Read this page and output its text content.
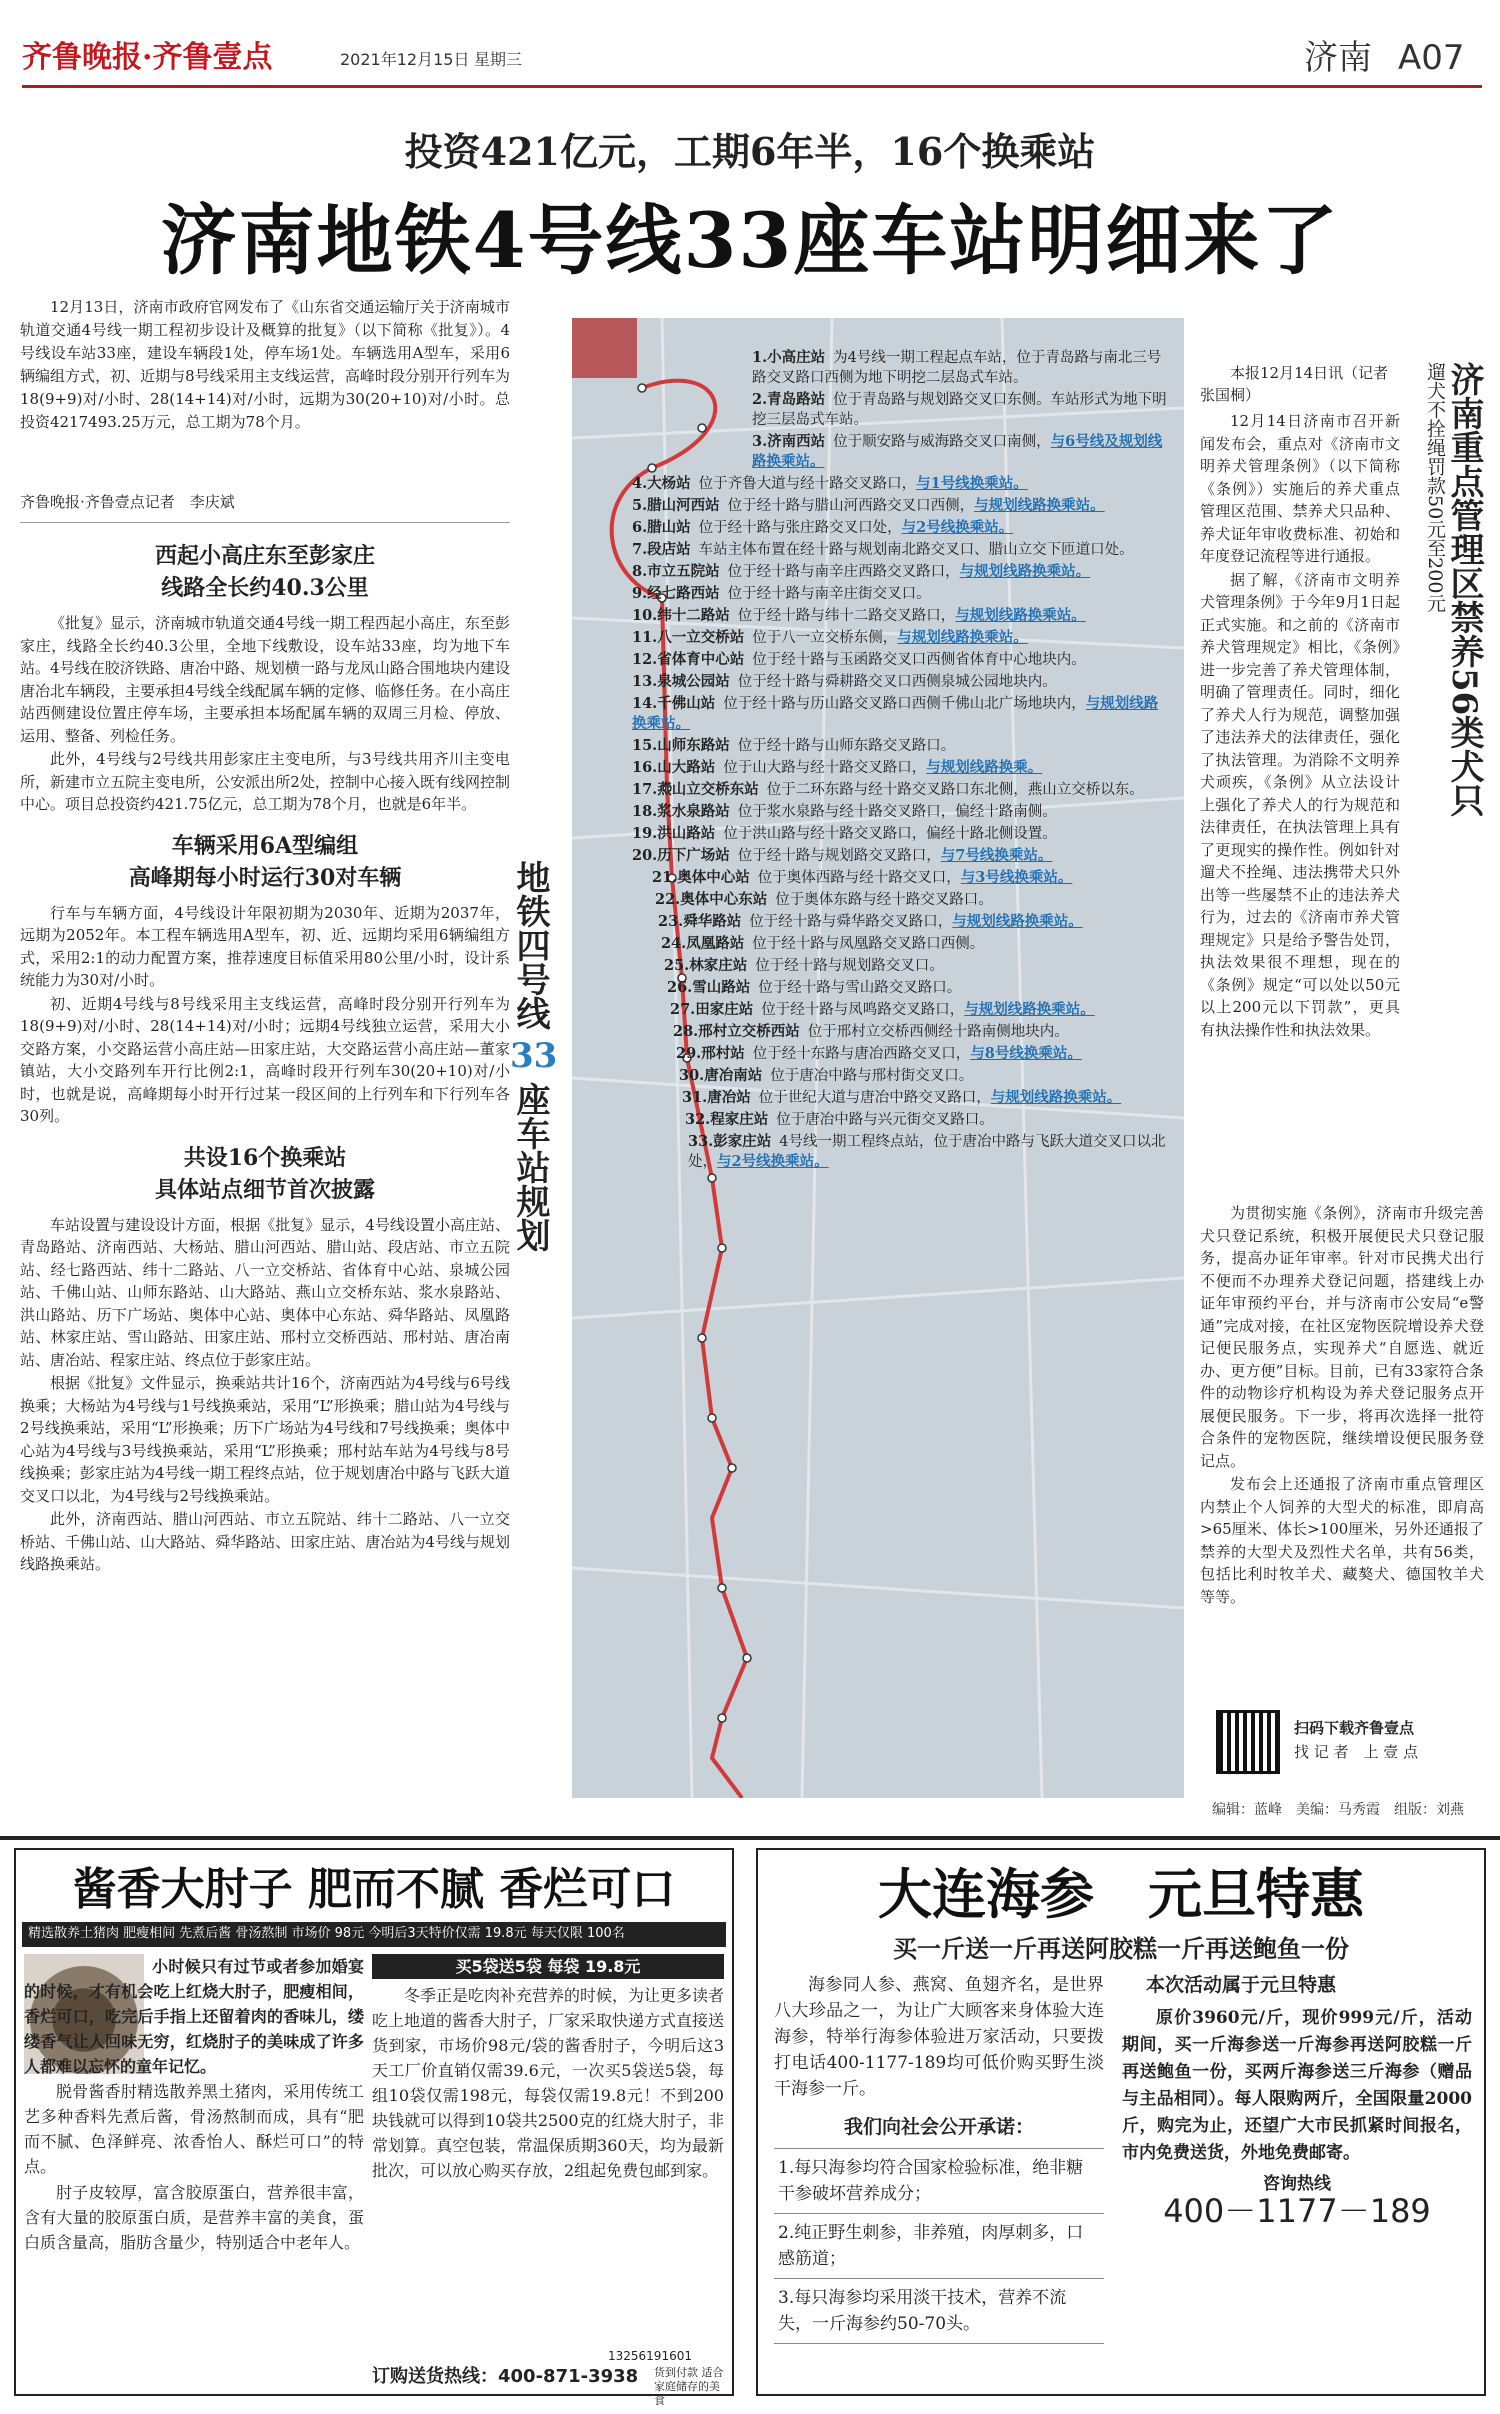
齐鲁晚报·齐鲁壹点	2021年12月15日 星期三	济南 A07
投资421亿元，工期6年半，16个换乘站
济南地铁4号线33座车站明细来了
12月13日，济南市政府官网发布了《山东省交通运输厅关于济南城市轨道交通4号线一期工程初步设计及概算的批复》（以下简称《批复》）。4号线设车站33座，建设车辆段1处，停车场1处。车辆选用A型车，采用6辆编组方式，初、近期与8号线采用主支线运营，高峰时段分别开行列车为18(9+9)对/小时、28(14+14)对/小时，远期为30(20+10)对/小时。总投资4217493.25万元，总工期为78个月。
齐鲁晚报·齐鲁壹点记者　李庆斌
西起小高庄东至彭家庄
线路全长约40.3公里

《批复》显示，济南城市轨道交通4号线一期工程西起小高庄，东至彭家庄，线路全长约40.3公里，全地下线敷设，设车站33座，均为地下车站。4号线在胶济铁路、唐冶中路、规划横一路与龙凤山路合围地块内建设唐冶北车辆段，主要承担4号线全线配属车辆的定修、临修任务。在小高庄站西侧建设位置庄停车场，主要承担本场配属车辆的双周三月检、停放、运用、整备、列检任务。

此外，4号线与2号线共用彭家庄主变电所，与3号线共用齐川主变电所，新建市立五院主变电所，公安派出所2处，控制中心接入既有线网控制中心。项目总投资约421.75亿元，总工期为78个月，也就是6年半。

车辆采用6A型编组
高峰期每小时运行30对车辆

行车与车辆方面，4号线设计年限初期为2030年、近期为2037年，远期为2052年。本工程车辆选用A型车，初、近、远期均采用6辆编组方式，采用2:1的动力配置方案，推荐速度目标值采用80公里/小时，设计系统能力为30对/小时。

初、近期4号线与8号线采用主支线运营，高峰时段分别开行列车为18(9+9)对/小时、28(14+14)对/小时；远期4号线独立运营，采用大小交路方案，小交路运营小高庄站—田家庄站，大交路运营小高庄站—董家镇站，大小交路列车开行比例2:1，高峰时段开行列车30(20+10)对/小时，也就是说，高峰期每小时开行过某一段区间的上行列车和下行列车各30列。

共设16个换乘站
具体站点细节首次披露

车站设置与建设设计方面，根据《批复》显示，4号线设置小高庄站、青岛路站、济南西站、大杨站、腊山河西站、腊山站、段店站、市立五院站、经七路西站、纬十二路站、八一立交桥站、省体育中心站、泉城公园站、千佛山站、山师东路站、山大路站、燕山立交桥东站、浆水泉路站、洪山路站、历下广场站、奥体中心站、奥体中心东站、舜华路站、凤凰路站、林家庄站、雪山路站、田家庄站、邢村立交桥西站、邢村站、唐冶南站、唐冶站、程家庄站、终点位于彭家庄站。

根据《批复》文件显示，换乘站共计16个，济南西站为4号线与6号线换乘；大杨站为4号线与1号线换乘站，采用“L”形换乘；腊山站为4号线与2号线换乘站，采用“L”形换乘；历下广场站为4号线和7号线换乘；奥体中心站为4号线与3号线换乘站，采用“L”形换乘；邢村站车站为4号线与8号线换乘；彭家庄站为4号线一期工程终点站，位于规划唐冶中路与飞跃大道交叉口以北，为4号线与2号线换乘站。

此外，济南西站、腊山河西站、市立五院站、纬十二路站、八一立交桥站、千佛山站、山大路站、舜华路站、田家庄站、唐冶站为4号线与规划线路换乘站。

地铁四号线
33
座车站规划
1.小高庄站 为4号线一期工程起点车站，位于青岛路与南北三号路交叉路口西侧为地下明挖二层岛式车站。
2.青岛路站 位于青岛路与规划路交叉口东侧。车站形式为地下明挖三层岛式车站。
3.济南西站 位于顺安路与威海路交叉口南侧，与6号线及规划线路换乘站。
4.大杨站 位于齐鲁大道与经十路交叉路口，与1号线换乘站。
5.腊山河西站 位于经十路与腊山河西路交叉口西侧，与规划线路换乘站。
6.腊山站 位于经十路与张庄路交叉口处，与2号线换乘站。
7.段店站 车站主体布置在经十路与规划南北路交叉口、腊山立交下匝道口处。
8.市立五院站 位于经十路与南辛庄西路交叉路口，与规划线路换乘站。
9.经七路西站 位于经十路与南辛庄街交叉口。
10.纬十二路站 位于经十路与纬十二路交叉路口，与规划线路换乘站。
11.八一立交桥站 位于八一立交桥东侧，与规划线路换乘站。
12.省体育中心站 位于经十路与玉函路交叉口西侧省体育中心地块内。
13.泉城公园站 位于经十路与舜耕路交叉口西侧泉城公园地块内。
14.千佛山站 位于经十路与历山路交叉路口西侧千佛山北广场地块内，与规划线路换乘站。
15.山师东路站 位于经十路与山师东路交叉路口。
16.山大路站 位于山大路与经十路交叉路口，与规划线路换乘。
17.燕山立交桥东站 位于二环东路与经十路交叉路口东北侧，燕山立交桥以东。
18.浆水泉路站 位于浆水泉路与经十路交叉路口，偏经十路南侧。
19.洪山路站 位于洪山路与经十路交叉路口，偏经十路北侧设置。
20.历下广场站 位于经十路与规划路交叉路口，与7号线换乘站。
21.奥体中心站 位于奥体西路与经十路交叉口，与3号线换乘站。
22.奥体中心东站 位于奥体东路与经十路交叉路口。
23.舜华路站 位于经十路与舜华路交叉路口，与规划线路换乘站。
24.凤凰路站 位于经十路与凤凰路交叉路口西侧。
25.林家庄站 位于经十路与规划路交叉口。
26.雪山路站 位于经十路与雪山路交叉路口。
27.田家庄站 位于经十路与凤鸣路交叉路口，与规划线路换乘站。
28.邢村立交桥西站 位于邢村立交桥西侧经十路南侧地块内。
29.邢村站 位于经十东路与唐冶西路交叉口，与8号线换乘站。
30.唐冶南站 位于唐冶中路与邢村街交叉口。
31.唐冶站 位于世纪大道与唐冶中路交叉路口，与规划线路换乘站。
32.程家庄站 位于唐冶中路与兴元街交叉路口。
33.彭家庄站 4号线一期工程终点站，位于唐冶中路与飞跃大道交叉口以北处，与2号线换乘站。
本报12月14日讯（记者　张国桐）	济南重点管理区禁养56类犬只
遛犬不拴绳罚款50元至200元

12月14日济南市召开新闻发布会，重点对《济南市文明养犬管理条例》（以下简称《条例》）实施后的养犬重点管理区范围、禁养犬只品种、养犬证年审收费标准、初始和年度登记流程等进行通报。

据了解，《济南市文明养犬管理条例》于今年9月1日起正式实施。和之前的《济南市养犬管理规定》相比，《条例》进一步完善了养犬管理体制，明确了管理责任。同时，细化了养犬人行为规范，调整加强了违法养犬的法律责任，强化了执法管理。为消除不文明养犬顽疾，《条例》从立法设计上强化了养犬人的行为规范和法律责任，在执法管理上具有了更现实的操作性。例如针对遛犬不拴绳、违法携带犬只外出等一些屡禁不止的违法养犬行为，过去的《济南市养犬管理规定》只是给予警告处罚，执法效果很不理想，现在的《条例》规定“可以处以50元以上200元以下罚款”，更具有执法操作性和执法效果。

为贯彻实施《条例》，济南市升级完善犬只登记系统，积极开展便民犬只登记服务，提高办证年审率。针对市民携犬出行不便而不办理养犬登记问题，搭建线上办证年审预约平台，并与济南市公安局“e警通”完成对接，在社区宠物医院增设养犬登记便民服务点，实现养犬“自愿选、就近办、更方便”目标。目前，已有33家符合条件的动物诊疗机构设为养犬登记服务点开展便民服务。下一步，将再次选择一批符合条件的宠物医院，继续增设便民服务登记点。

发布会上还通报了济南市重点管理区内禁止个人饲养的大型犬的标准，即肩高>65厘米、体长>100厘米，另外还通报了禁养的大型犬及烈性犬名单，共有56类，包括比利时牧羊犬、藏獒犬、德国牧羊犬等等。

扫码下载齐鲁壹点
找 记 者　上 壹 点
编辑：蓝峰　美编：马秀霞　组版：刘燕
酱香大肘子 肥而不腻 香烂可口
精选散养土猪肉 肥瘦相间 先煮后酱 骨汤熬制 市场价 98元 今明后3天特价仅需 19.8元 每天仅限 100名

小时候只有过节或者参加婚宴的时候，才有机会吃上红烧大肘子，肥瘦相间，香烂可口，吃完后手指上还留着肉的香味儿，缕缕香气让人回味无穷，红烧肘子的美味成了许多人都难以忘怀的童年记忆。

脱骨酱香肘精选散养黑土猪肉，采用传统工艺多种香料先煮后酱，骨汤熬制而成，具有“肥而不腻、色泽鲜亮、浓香怡人、酥烂可口”的特点。

肘子皮较厚，富含胶原蛋白，营养很丰富，含有大量的胶原蛋白质，是营养丰富的美食，蛋白质含量高，脂肪含量少，特别适合中老年人。

买5袋送5袋 每袋 19.8元

冬季正是吃肉补充营养的时候，为让更多读者吃上地道的酱香大肘子，厂家采取快递方式直接送货到家，市场价98元/袋的酱香肘子，今明后这3天工厂价直销仅需39.6元，一次买5袋送5袋，每组10袋仅需198元，每袋仅需19.8元！不到200块钱就可以得到10袋共2500克的红烧大肘子，非常划算。真空包装，常温保质期360天，均为最新批次，可以放心购买存放，2组起免费包邮到家。

订购送货热线：400-871-3938
13256191601
货到付款 适合家庭储存的美食
大连海参　元旦特惠
买一斤送一斤再送阿胶糕一斤再送鲍鱼一份

海参同人参、燕窝、鱼翅齐名，是世界八大珍品之一，为让广大顾客来身体验大连海参，特举行海参体验进万家活动，只要拨打电话400-1177-189均可低价购买野生淡干海参一斤。

我们向社会公开承诺：

1.每只海参均符合国家检验标准，绝非糖干参破坏营养成分；

2.纯正野生刺参，非养殖，肉厚刺多，口感筋道；

3.每只海参均采用淡干技术，营养不流失，一斤海参约50-70头。

本次活动属于元旦特惠

原价3960元/斤，现价999元/斤，活动期间，买一斤海参送一斤海参再送阿胶糕一斤再送鲍鱼一份，买两斤海参送三斤海参（赠品与主品相同）。每人限购两斤，全国限量2000斤，购完为止，还望广大市民抓紧时间报名，市内免费送货，外地免费邮寄。

咨询热线
400－1177－189
